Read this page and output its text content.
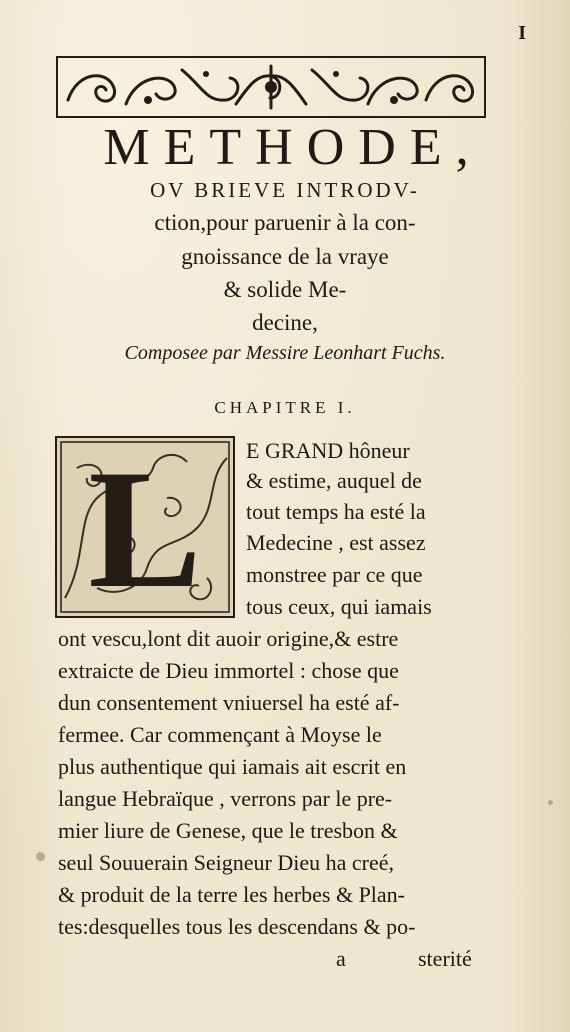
I
METHODE,
OV BRIEVE INTRODV-
ction,pour paruenir à la con-
gnoissance de la vraye
& solide Me-
decine,
Composee par Messire Leonhart Fuchs.
CHAPITRE I.
L	E GRAND hôneur
& estime, auquel de
tout temps ha esté la
Medecine , est assez
monstree par ce que
tous ceux, qui iamais
ont vescu,lont dit auoir origine,& estre
extraicte de Dieu immortel : chose que
dun consentement vniuersel ha esté af-
fermee. Car commençant à Moyse le
plus authentique qui iamais ait escrit en
langue Hebraïque , verrons par le pre-
mier liure de Genese, que le tresbon &
seul Souuerain Seigneur Dieu ha creé,
& produit de la terre les herbes & Plan-
tes:desquelles tous les descendans & po-
a	sterité
